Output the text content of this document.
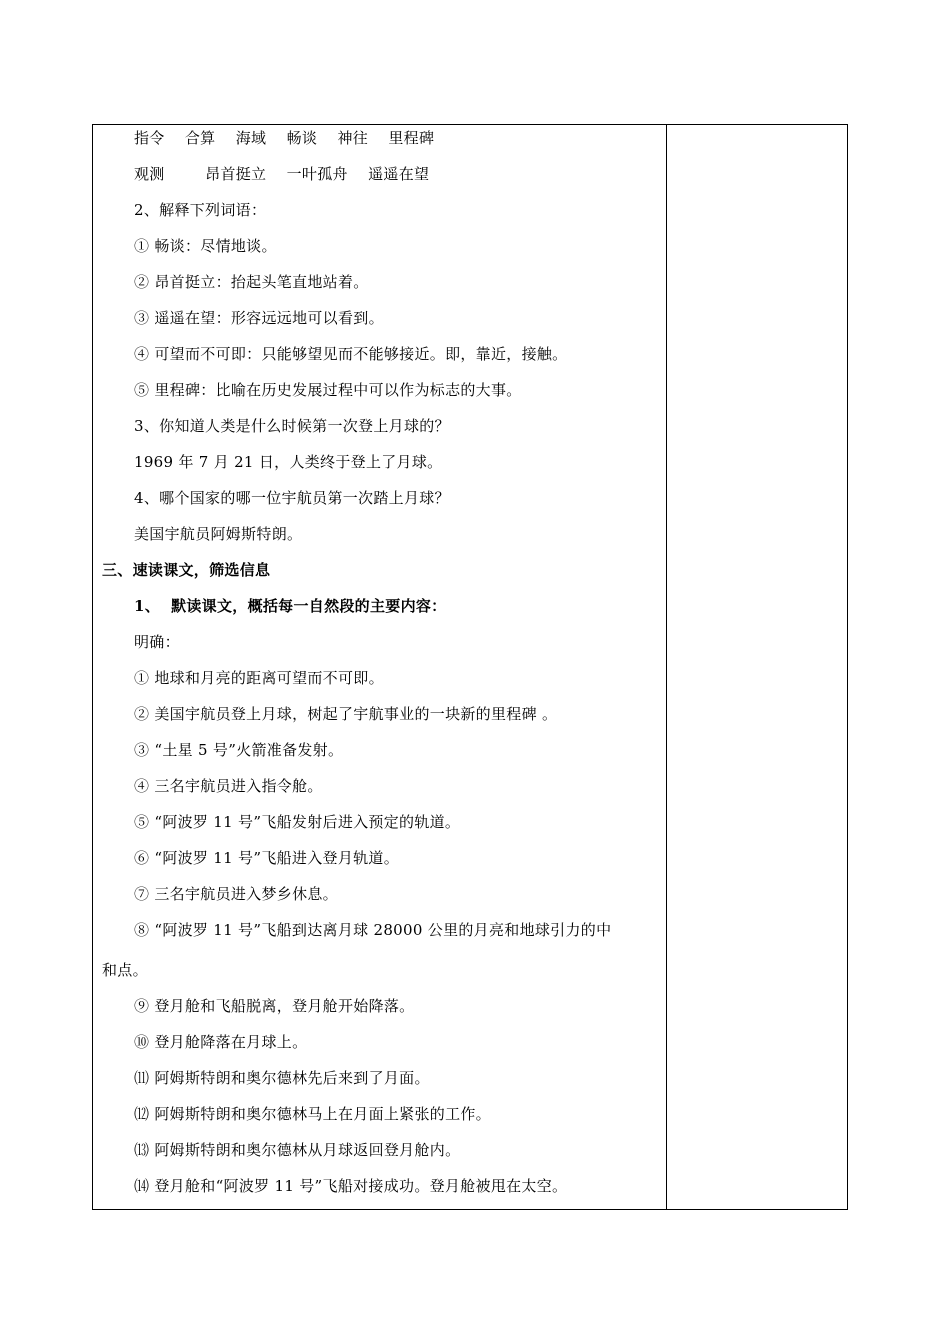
指令    合算    海域    畅谈    神往    里程碑
观测        昂首挺立    一叶孤舟    遥遥在望
2、解释下列词语：
① 畅谈：尽情地谈。
② 昂首挺立：抬起头笔直地站着。
③ 遥遥在望：形容远远地可以看到。
④ 可望而不可即：只能够望见而不能够接近。即，靠近，接触。
⑤ 里程碑：比喻在历史发展过程中可以作为标志的大事。
3、你知道人类是什么时候第一次登上月球的？
1969 年 7 月 21 日，人类终于登上了月球。
4、哪个国家的哪一位宇航员第一次踏上月球？
美国宇航员阿姆斯特朗。
三、速读课文，筛选信息
1、  默读课文，概括每一自然段的主要内容：
明确：
① 地球和月亮的距离可望而不可即。
② 美国宇航员登上月球，树起了宇航事业的一块新的里程碑 。
③ “土星 5 号”火箭准备发射。
④ 三名宇航员进入指令舱。
⑤ “阿波罗 11 号”飞船发射后进入预定的轨道。
⑥ “阿波罗 11 号”飞船进入登月轨道。
⑦ 三名宇航员进入梦乡休息。
⑧ “阿波罗 11 号”飞船到达离月球 28000 公里的月亮和地球引力的中
和点。
⑨ 登月舱和飞船脱离，登月舱开始降落。
⑩ 登月舱降落在月球上。
⑾ 阿姆斯特朗和奥尔德林先后来到了月面。
⑿ 阿姆斯特朗和奥尔德林马上在月面上紧张的工作。
⒀ 阿姆斯特朗和奥尔德林从月球返回登月舱内。
⒁ 登月舱和“阿波罗 11 号”飞船对接成功。登月舱被甩在太空。
